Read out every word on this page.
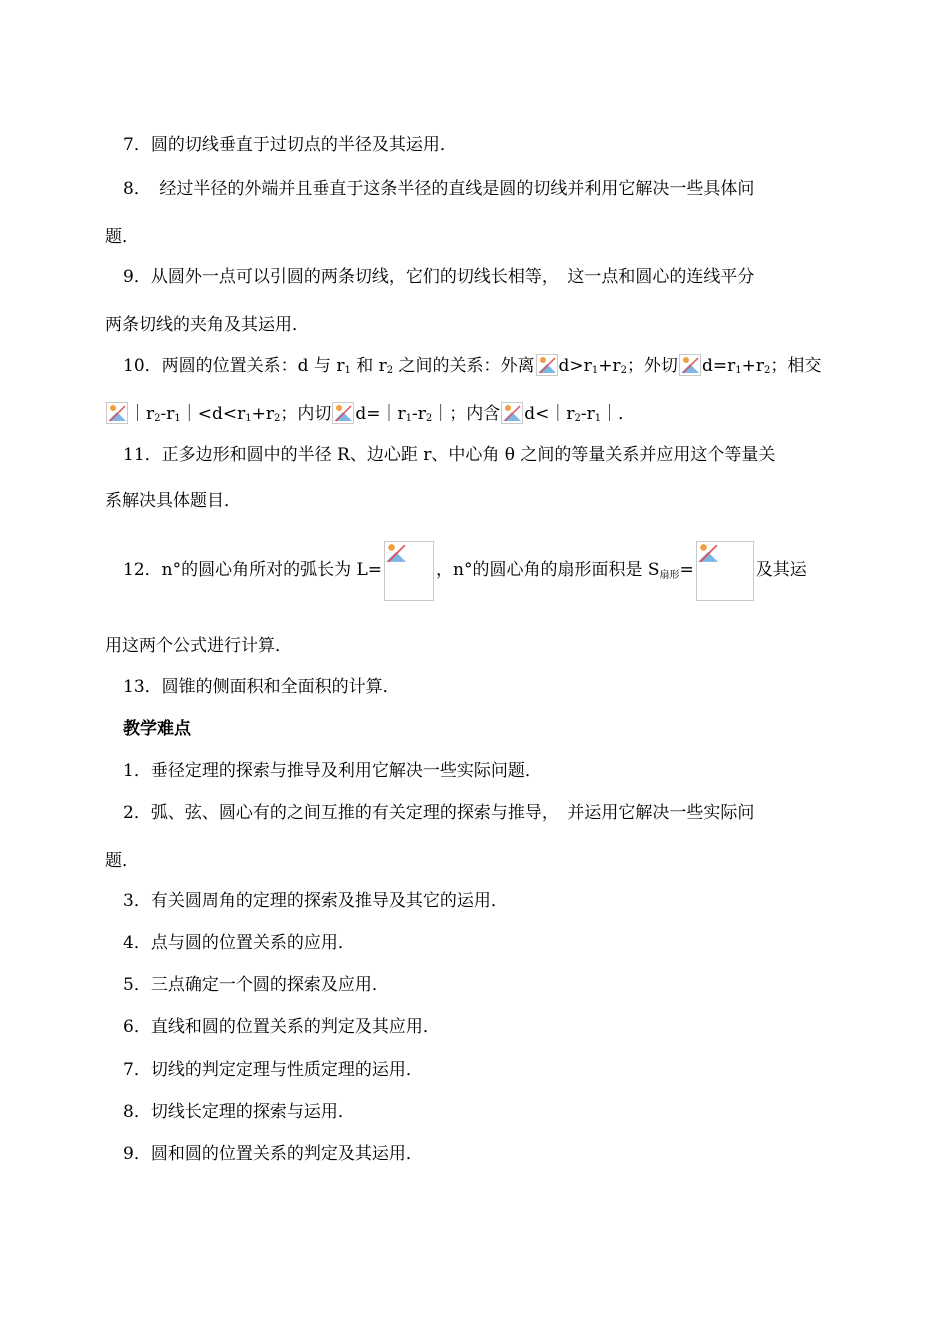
7．圆的切线垂直于过切点的半径及其运用．
8．　经过半径的外端并且垂直于这条半径的直线是圆的切线并利用它解决一些具体问
题．
9．从圆外一点可以引圆的两条切线，它们的切线长相等，　这一点和圆心的连线平分
两条切线的夹角及其运用．
10．两圆的位置关系：d 与 $r_1$ 和 $r_2$ 之间的关系：外离 $d>r_1+r_2$；外切 $d=r_1+r_2$；相交
$|r_2-r_1|<d<r_1+r_2$；内切 $d=|r_1-r_2|$；内含 $d<|r_2-r_1|$．
11．正多边形和圆中的半径 R、边心距 r、中心角 θ 之间的等量关系并应用这个等量关
系解决具体题目．
12．n°的圆心角所对的弧长为 L=	，n°的圆心角的扇形面积是 S扇形=	及其运
用这两个公式进行计算．
13．圆锥的侧面积和全面积的计算．
教学难点
1．垂径定理的探索与推导及利用它解决一些实际问题．
2．弧、弦、圆心有的之间互推的有关定理的探索与推导，　并运用它解决一些实际问
题．
3．有关圆周角的定理的探索及推导及其它的运用．
4．点与圆的位置关系的应用．
5．三点确定一个圆的探索及应用．
6．直线和圆的位置关系的判定及其应用．
7．切线的判定定理与性质定理的运用．
8．切线长定理的探索与运用．
9．圆和圆的位置关系的判定及其运用．
